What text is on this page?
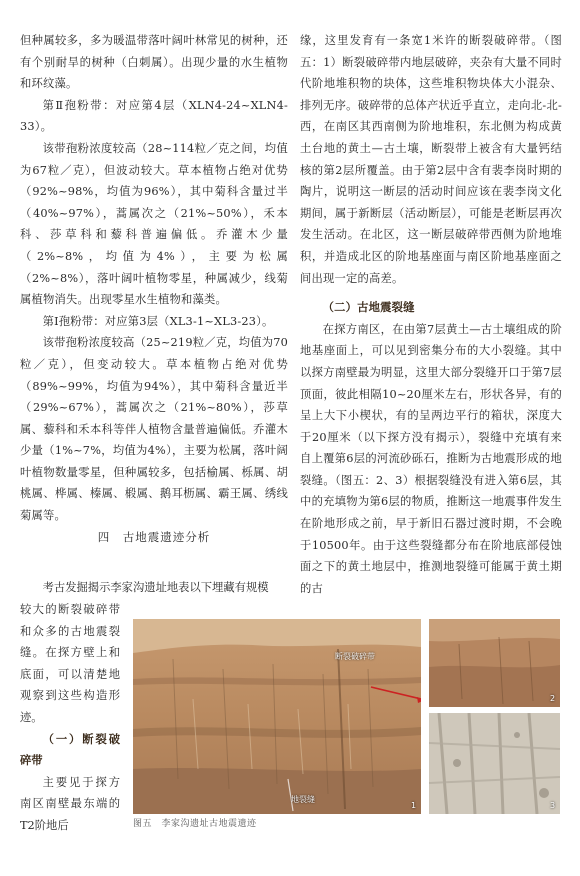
但种属较多，多为暖温带落叶阔叶林常见的树种，还有个别耐旱的树种（白刺属）。出现少量的水生植物和环纹藻。

第Ⅱ孢粉带：对应第4层（XLN4-24~XLN4-33）。

该带孢粉浓度较高（28~114粒／克之间，均值为67粒／克），但波动较大。草本植物占绝对优势（92%~98%，均值为96%），其中菊科含量过半（40%~97%），蒿属次之（21%~50%），禾本科、莎草科和藜科普遍偏低。乔灌木少量（2%~8%，均值为4%），主要为松属（2%~8%），落叶阔叶植物零星，种属减少，线菊属植物消失。出现零星水生植物和藻类。

第Ⅰ孢粉带：对应第3层（XL3-1~XL3-23）。

该带孢粉浓度较高（25~219粒／克，均值为70粒／克），但变动较大。草本植物占绝对优势（89%~99%，均值为94%），其中菊科含量近半（29%~67%），蒿属次之（21%~80%），莎草属、藜科和禾本科等伴人植物含量普遍偏低。乔灌木少量（1%~7%，均值为4%），主要为松属，落叶阔叶植物数量零星，但种属较多，包括榆属、栎属、胡桃属、桦属、榛属、椴属、鹅耳枥属、霸王属、绣线菊属等。

四　古地震遗迹分析

考古发掘揭示李家沟遗址地表以下埋藏有规模

较大的断裂破碎带和众多的古地震裂缝。在探方壁上和底面，可以清楚地观察到这些构造形迹。

（一）断裂破碎带

主要见于探方南区南壁最东端的T2阶地后

缘，这里发育有一条宽1米许的断裂破碎带。（图五：1）断裂破碎带内地层破碎，夹杂有大量不同时代阶地堆积物的块体，这些堆积物块体大小混杂、排列无序。破碎带的总体产状近乎直立，走向北-北-西，在南区其西南侧为阶地堆积，东北侧为构成黄土台地的黄土—古土壤，断裂带上被含有大量钙结核的第2层所覆盖。由于第2层中含有裴李岗时期的陶片，说明这一断层的活动时间应该在裴李岗文化期间，属于新断层（活动断层），可能是老断层再次发生活动。在北区，这一断层破碎带西侧为阶地堆积，并造成北区的阶地基座面与南区阶地基座面之间出现一定的高差。

（二）古地震裂缝

在探方南区，在由第7层黄土—古土壤组成的阶地基座面上，可以见到密集分布的大小裂缝。其中以探方南壁最为明显，这里大部分裂缝开口于第7层顶面，彼此相隔10~20厘米左右，形状各异，有的呈上大下小楔状，有的呈两边平行的箱状，深度大于20厘米（以下探方没有揭示），裂缝中充填有来自上覆第6层的河流砂砾石，推断为古地震形成的地裂缝。（图五：2、3）根据裂缝没有进入第6层，其中的充填物为第6层的物质，推断这一地震事件发生在阶地形成之前，早于新旧石器过渡时期，不会晚于10500年。由于这些裂缝都分布在阶地底部侵蚀面之下的黄土地层中，推测地裂缝可能属于黄土期的古

断裂破碎带
地裂缝
1
2
3
图五　李家沟遗址古地震遗迹
